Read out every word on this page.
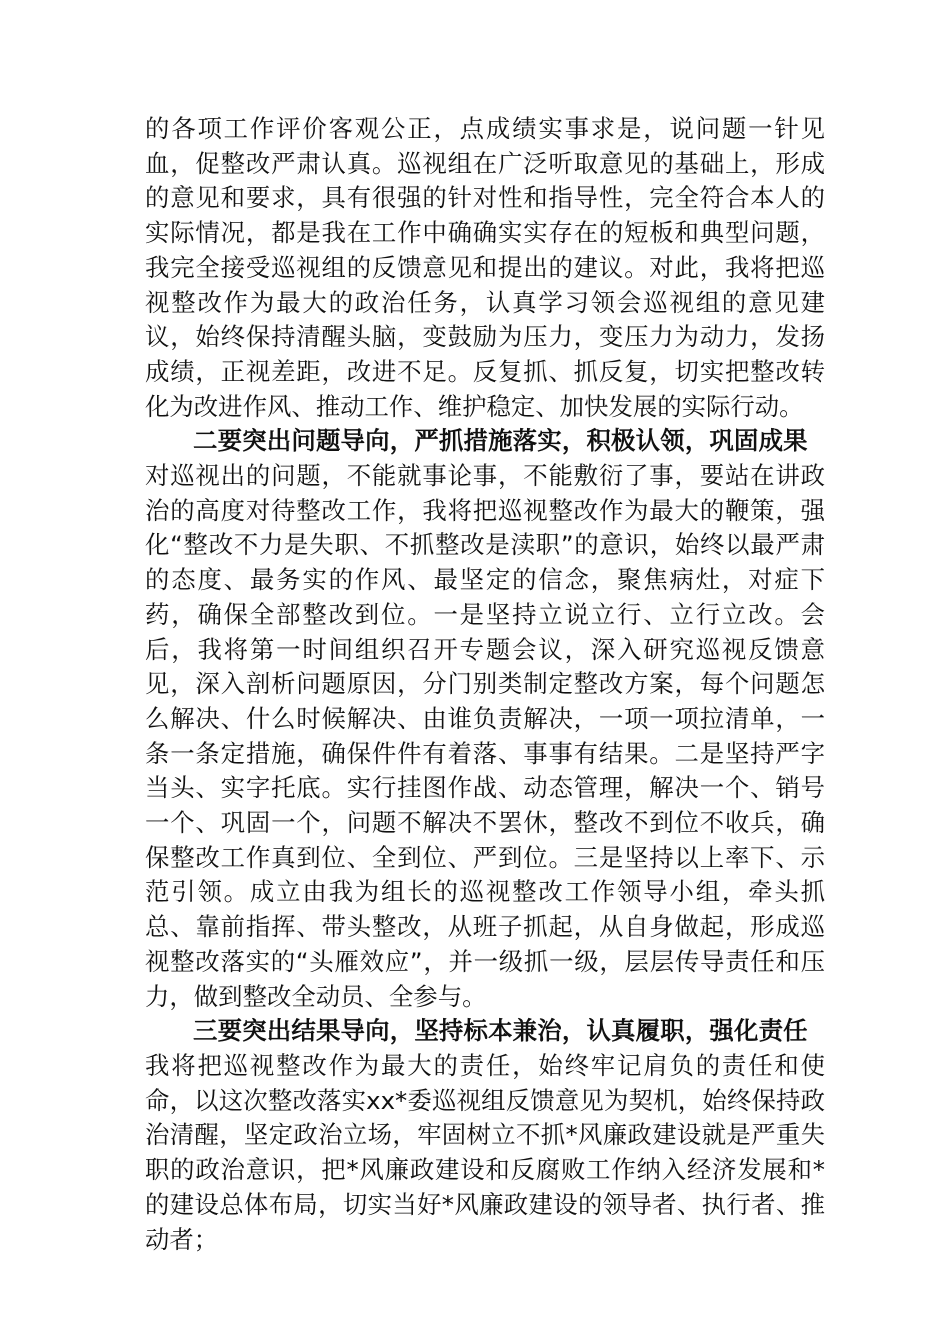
的各项工作评价客观公正，点成绩实事求是，说问题一针见血，促整改严肃认真。巡视组在广泛听取意见的基础上，形成的意见和要求，具有很强的针对性和指导性，完全符合本人的实际情况，都是我在工作中确确实实存在的短板和典型问题，我完全接受巡视组的反馈意见和提出的建议。对此，我将把巡视整改作为最大的政治任务，认真学习领会巡视组的意见建议，始终保持清醒头脑，变鼓励为压力，变压力为动力，发扬成绩，正视差距，改进不足。反复抓、抓反复，切实把整改转化为改进作风、推动工作、维护稳定、加快发展的实际行动。

二要突出问题导向，严抓措施落实，积极认领，巩固成果

对巡视出的问题，不能就事论事，不能敷衍了事，要站在讲政治的高度对待整改工作，我将把巡视整改作为最大的鞭策，强化“整改不力是失职、不抓整改是渎职”的意识，始终以最严肃的态度、最务实的作风、最坚定的信念，聚焦病灶，对症下药，确保全部整改到位。一是坚持立说立行、立行立改。会后，我将第一时间组织召开专题会议，深入研究巡视反馈意见，深入剖析问题原因，分门别类制定整改方案，每个问题怎么解决、什么时候解决、由谁负责解决，一项一项拉清单，一条一条定措施，确保件件有着落、事事有结果。二是坚持严字当头、实字托底。实行挂图作战、动态管理，解决一个、销号一个、巩固一个，问题不解决不罢休，整改不到位不收兵，确保整改工作真到位、全到位、严到位。三是坚持以上率下、示范引领。成立由我为组长的巡视整改工作领导小组，牵头抓总、靠前指挥、带头整改，从班子抓起，从自身做起，形成巡视整改落实的“头雁效应”，并一级抓一级，层层传导责任和压力，做到整改全动员、全参与。

三要突出结果导向，坚持标本兼治，认真履职，强化责任

我将把巡视整改作为最大的责任，始终牢记肩负的责任和使命，以这次整改落实xx*委巡视组反馈意见为契机，始终保持政治清醒，坚定政治立场，牢固树立不抓*风廉政建设就是严重失职的政治意识，把*风廉政建设和反腐败工作纳入经济发展和*的建设总体布局，切实当好*风廉政建设的领导者、执行者、推动者；
